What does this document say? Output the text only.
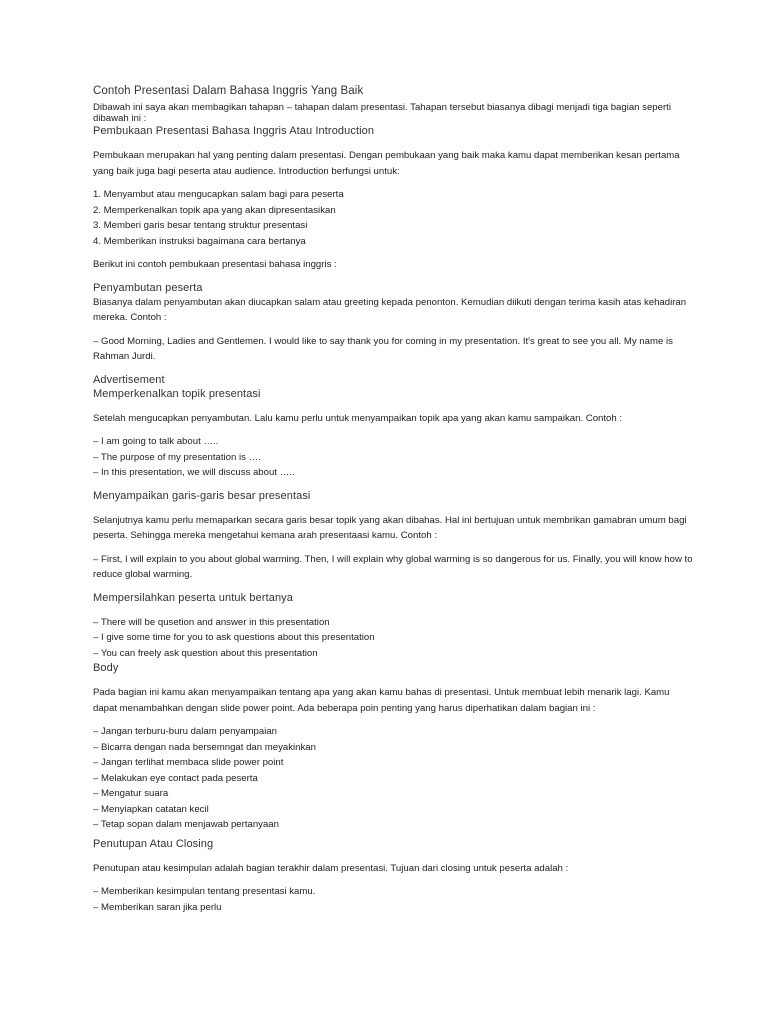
Contoh Presentasi Dalam Bahasa Inggris Yang Baik

Dibawah ini saya akan membagikan tahapan – tahapan dalam presentasi. Tahapan tersebut biasanya dibagi menjadi tiga bagian seperti dibawah ini :

Pembukaan Presentasi Bahasa Inggris Atau Introduction

Pembukaan merupakan hal yang penting dalam presentasi. Dengan pembukaan yang baik maka kamu dapat memberikan kesan pertama yang baik juga bagi peserta atau audience. Introduction berfungsi untuk:

1. Menyambut atau mengucapkan salam bagi para peserta
2. Memperkenalkan topik apa yang akan dipresentasikan
3. Memberi garis besar tentang struktur presentasi
4. Memberikan instruksi bagaimana cara bertanya

Berikut ini contoh pembukaan presentasi bahasa inggris :

Penyambutan peserta

Biasanya dalam penyambutan akan diucapkan salam atau greeting kepada penonton. Kemudian diikuti dengan terima kasih atas kehadiran mereka. Contoh :

– Good Morning, Ladies and Gentlemen. I would like to say thank you for coming in my presentation. It's great to see you all. My name is Rahman Jurdi.

Advertisement

Memperkenalkan topik presentasi

Setelah mengucapkan penyambutan. Lalu kamu perlu untuk menyampaikan topik apa yang akan kamu sampaikan. Contoh :

– I am going to talk about …..
– The purpose of my presentation is ….
– In this presentation, we will discuss about …..

Menyampaikan garis-garis besar presentasi

Selanjutnya kamu perlu memaparkan secara garis besar topik yang akan dibahas. Hal ini bertujuan untuk membrikan gamabran umum bagi peserta. Sehingga mereka mengetahui kemana arah presentaasi kamu. Contoh :

– First, I will explain to you about global warming. Then, I will explain why global warming is so dangerous for us. Finally, you will know how to reduce global warming.

Mempersilahkan peserta untuk bertanya

– There will be qusetion and answer in this presentation
– I give some time for you to ask questions about this presentation
– You can freely ask question about this presentation

Body

Pada bagian ini kamu akan menyampaikan tentang apa yang akan kamu bahas di presentasi. Untuk membuat lebih menarik lagi. Kamu dapat menambahkan dengan slide power point. Ada beberapa poin penting yang harus diperhatikan dalam bagian ini :

– Jangan terburu-buru dalam penyampaian
– Bicarra dengan nada bersemngat dan meyakinkan
– Jangan terlihat membaca slide power point
– Melakukan eye contact pada peserta
– Mengatur suara
– Menyiapkan catatan kecil
– Tetap sopan dalam menjawab pertanyaan

Penutupan Atau Closing

Penutupan atau kesimpulan adalah bagian terakhir dalam presentasi. Tujuan dari closing untuk peserta adalah :

– Memberikan kesimpulan tentang presentasi kamu.
– Memberikan saran jika perlu
